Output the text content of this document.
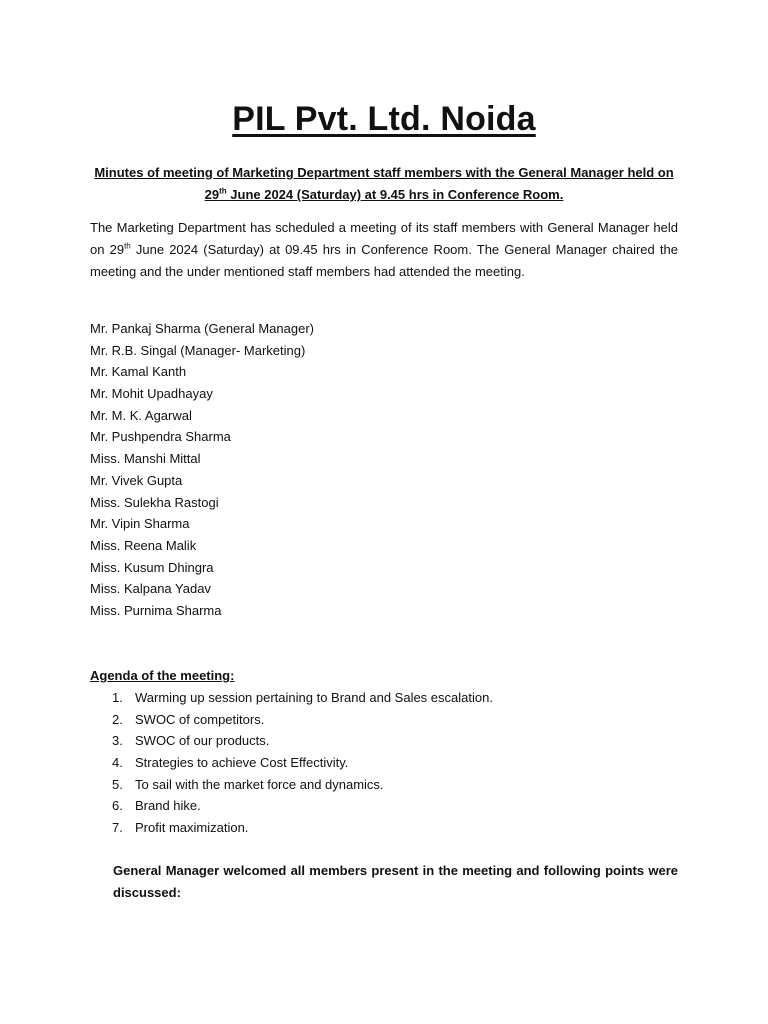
PIL Pvt. Ltd. Noida
Minutes of meeting of Marketing Department staff members with the General Manager held on 29th June 2024 (Saturday) at 9.45 hrs in Conference Room.
The Marketing Department has scheduled a meeting of its staff members with General Manager held on 29th June 2024 (Saturday) at 09.45 hrs in Conference Room. The General Manager chaired the meeting and the under mentioned staff members had attended the meeting.
Mr. Pankaj Sharma (General Manager)
Mr. R.B. Singal (Manager- Marketing)
Mr. Kamal Kanth
Mr. Mohit Upadhayay
Mr. M. K. Agarwal
Mr. Pushpendra Sharma
Miss. Manshi Mittal
Mr. Vivek Gupta
Miss. Sulekha Rastogi
Mr. Vipin Sharma
Miss. Reena Malik
Miss. Kusum Dhingra
Miss. Kalpana Yadav
Miss. Purnima Sharma
Agenda of the meeting:
1. Warming up session pertaining to Brand and Sales escalation.
2. SWOC of competitors.
3. SWOC of our products.
4. Strategies to achieve Cost Effectivity.
5. To sail with the market force and dynamics.
6. Brand hike.
7. Profit maximization.
General Manager welcomed all members present in the meeting and following points were discussed:
